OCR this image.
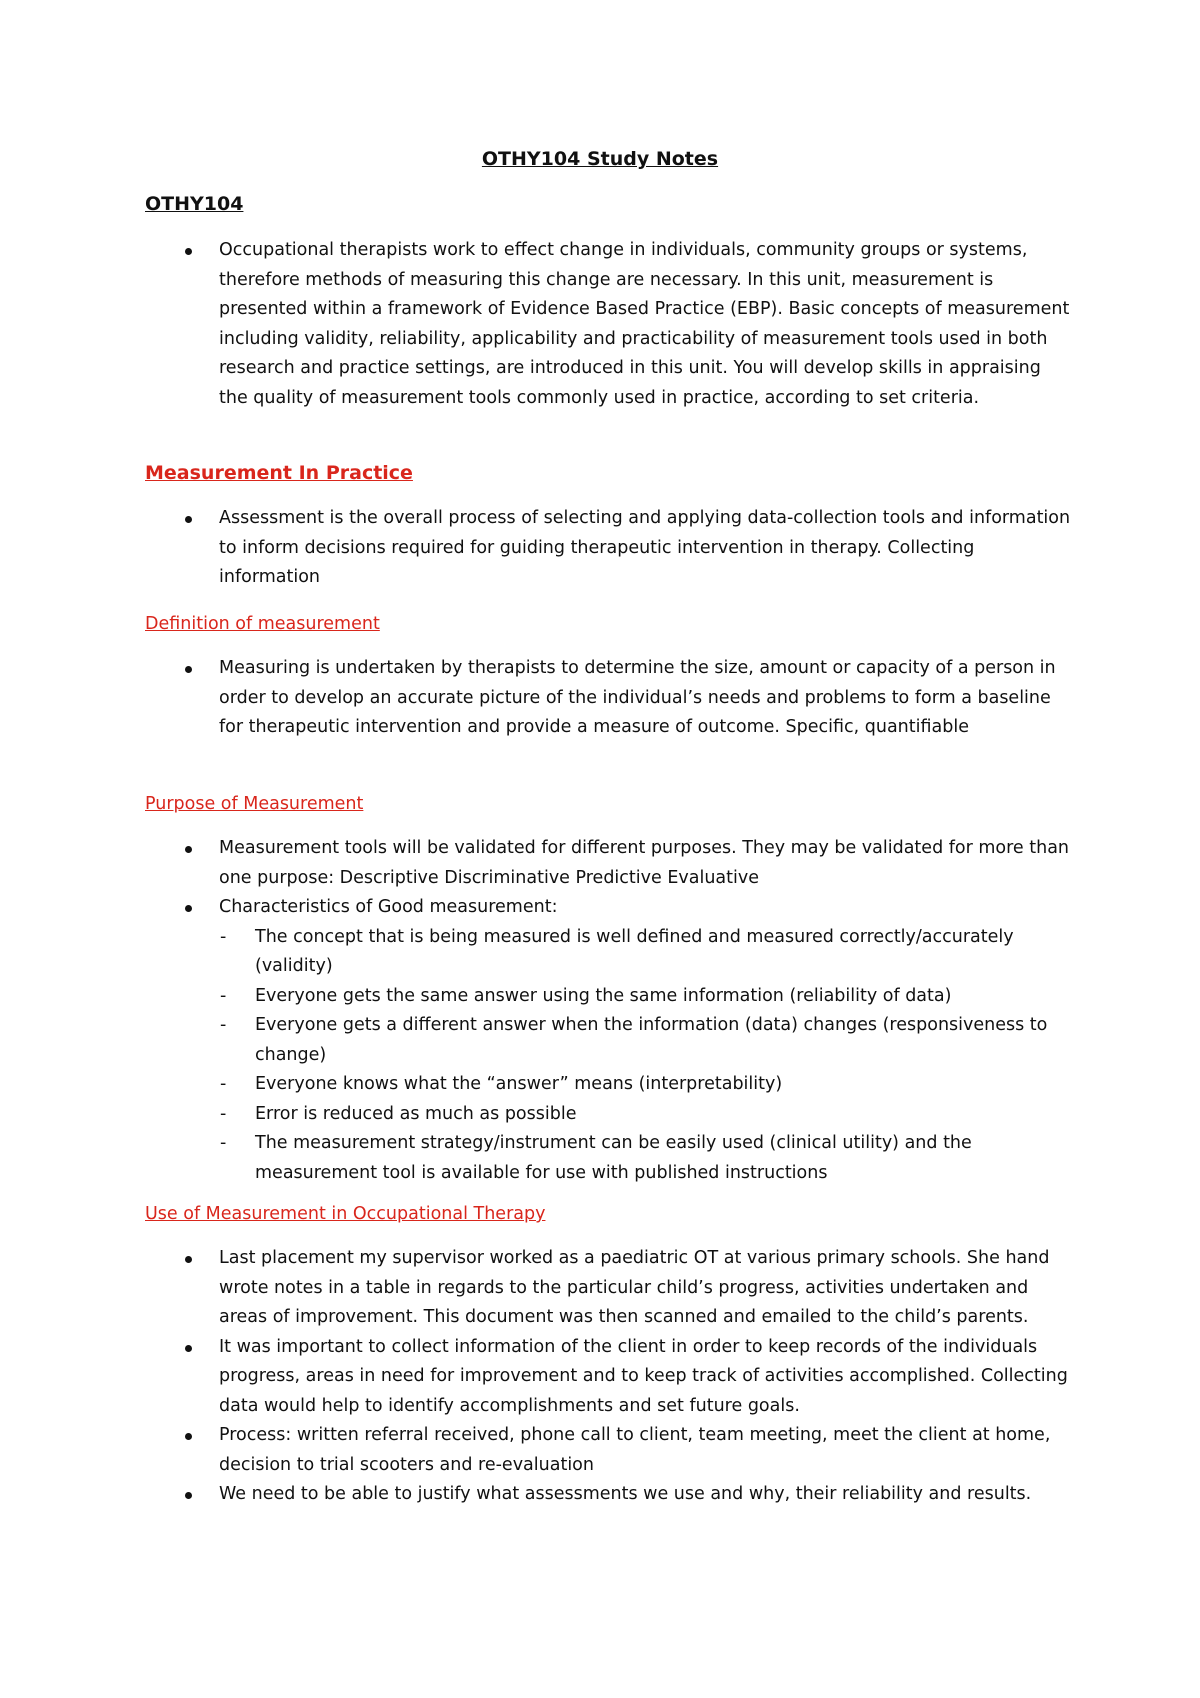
OTHY104 Study Notes
OTHY104
Occupational therapists work to effect change in individuals, community groups or systems, therefore methods of measuring this change are necessary. In this unit, measurement is presented within a framework of Evidence Based Practice (EBP). Basic concepts of measurement including validity, reliability, applicability and practicability of measurement tools used in both research and practice settings, are introduced in this unit. You will develop skills in appraising the quality of measurement tools commonly used in practice, according to set criteria.
Measurement In Practice
Assessment is the overall process of selecting and applying data-collection tools and information to inform decisions required for guiding therapeutic intervention in therapy. Collecting information
Definition of measurement
Measuring is undertaken by therapists to determine the size, amount or capacity of a person in order to develop an accurate picture of the individual’s needs and problems to form a baseline for therapeutic intervention and provide a measure of outcome. Specific, quantifiable
Purpose of Measurement
Measurement tools will be validated for different purposes. They may be validated for more than one purpose: Descriptive Discriminative Predictive Evaluative
Characteristics of Good measurement:
- The concept that is being measured is well defined and measured correctly/accurately (validity)
- Everyone gets the same answer using the same information (reliability of data)
- Everyone gets a different answer when the information (data) changes (responsiveness to change)
- Everyone knows what the “answer” means (interpretability)
- Error is reduced as much as possible
- The measurement strategy/instrument can be easily used (clinical utility) and the measurement tool is available for use with published instructions
Use of Measurement in Occupational Therapy
Last placement my supervisor worked as a paediatric OT at various primary schools. She hand wrote notes in a table in regards to the particular child’s progress, activities undertaken and areas of improvement. This document was then scanned and emailed to the child’s parents.
It was important to collect information of the client in order to keep records of the individuals progress, areas in need for improvement and to keep track of activities accomplished. Collecting data would help to identify accomplishments and set future goals.
Process: written referral received, phone call to client, team meeting, meet the client at home, decision to trial scooters and re-evaluation
We need to be able to justify what assessments we use and why, their reliability and results.
